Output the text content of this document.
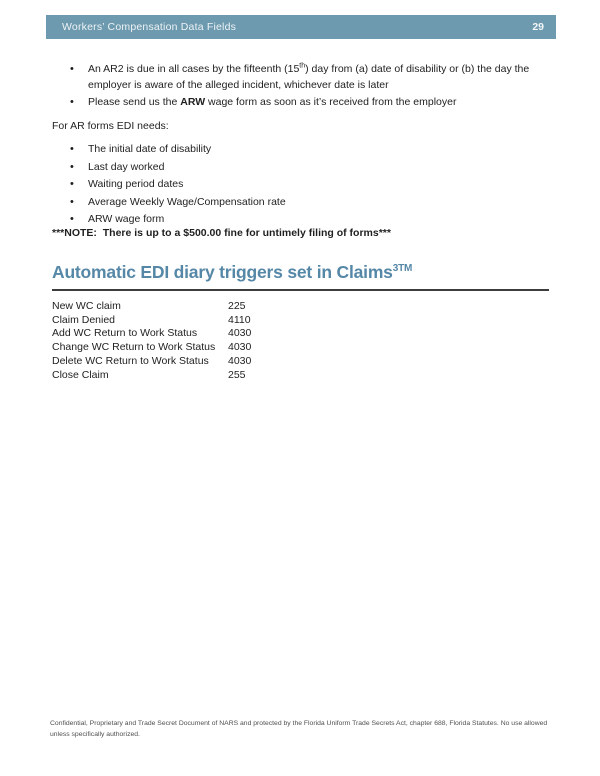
Workers’ Compensation Data Fields	29
• An AR2 is due in all cases by the fifteenth (15th) day from (a) date of disability or (b) the day the employer is aware of the alleged incident, whichever date is later
• Please send us the ARW wage form as soon as it’s received from the employer
For AR forms EDI needs:
• The initial date of disability
• Last day worked
• Waiting period dates
• Average Weekly Wage/Compensation rate
• ARW wage form
***NOTE:  There is up to a $500.00 fine for untimely filing of forms***
Automatic EDI diary triggers set in Claims$^{3TM}$
New WC claim	225
Claim Denied	4110
Add WC Return to Work Status	4030
Change WC Return to Work Status	4030
Delete WC Return to Work Status	4030
Close Claim	255
Confidential, Proprietary and Trade Secret Document of NARS and protected by the Florida Uniform Trade Secrets Act, chapter 688, Florida Statutes. No use allowed unless specifically authorized.
